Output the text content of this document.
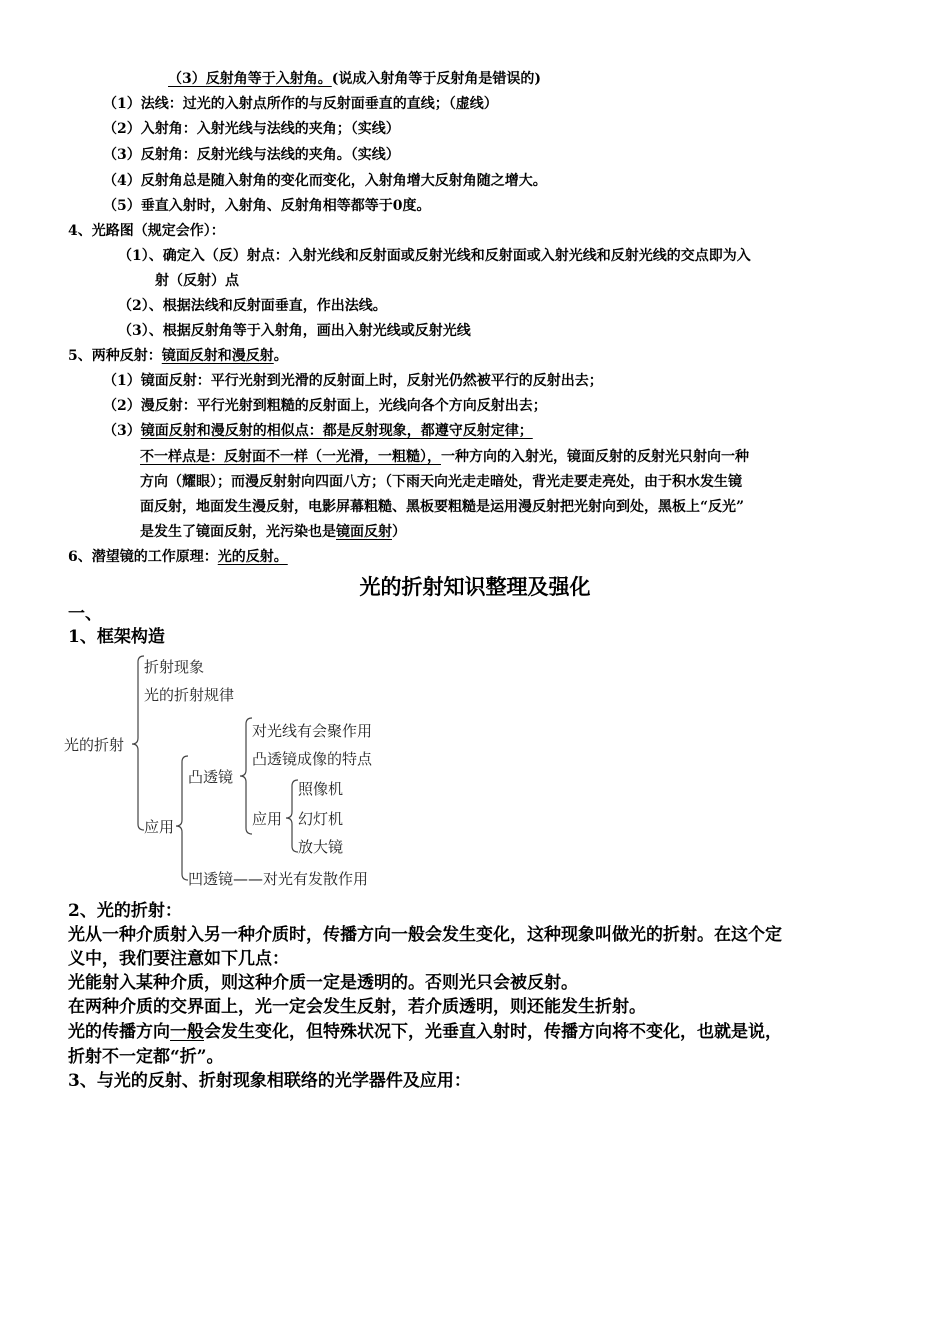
（3）反射角等于入射角。(说成入射角等于反射角是错误的)
（1）法线：过光的入射点所作的与反射面垂直的直线；（虚线）
（2）入射角：入射光线与法线的夹角；（实线）
（3）反射角：反射光线与法线的夹角。（实线）
（4）反射角总是随入射角的变化而变化，入射角增大反射角随之增大。
（5）垂直入射时，入射角、反射角相等都等于0度。
4、光路图（规定会作）：
（1）、确定入（反）射点：入射光线和反射面或反射光线和反射面或入射光线和反射光线的交点即为入
射（反射）点
（2）、根据法线和反射面垂直，作出法线。
（3）、根据反射角等于入射角，画出入射光线或反射光线
5、两种反射：镜面反射和漫反射。
（1）镜面反射：平行光射到光滑的反射面上时，反射光仍然被平行的反射出去；
（2）漫反射：平行光射到粗糙的反射面上，光线向各个方向反射出去；
（3）镜面反射和漫反射的相似点：都是反射现象，都遵守反射定律；
不一样点是：反射面不一样（一光滑，一粗糙），一种方向的入射光，镜面反射的反射光只射向一种
方向（耀眼）；而漫反射射向四面八方；（下雨天向光走走暗处，背光走要走亮处，由于积水发生镜
面反射，地面发生漫反射，电影屏幕粗糙、黑板要粗糙是运用漫反射把光射向到处，黑板上“反光”
是发生了镜面反射，光污染也是镜面反射）
6、潜望镜的工作原理：光的反射。
光的折射知识整理及强化
一、
1、框架构造
光的折射
折射现象
光的折射规律
应用
凸透镜
对光线有会聚作用
凸透镜成像的特点
应用
照像机
幻灯机
放大镜
凹透镜——对光有发散作用
2、光的折射：
光从一种介质射入另一种介质时，传播方向一般会发生变化，这种现象叫做光的折射。在这个定
义中，我们要注意如下几点：
光能射入某种介质，则这种介质一定是透明的。否则光只会被反射。
在两种介质的交界面上，光一定会发生反射，若介质透明，则还能发生折射。
光的传播方向一般会发生变化，但特殊状况下，光垂直入射时，传播方向将不变化，也就是说，
折射不一定都“折”。
3、与光的反射、折射现象相联络的光学器件及应用：
